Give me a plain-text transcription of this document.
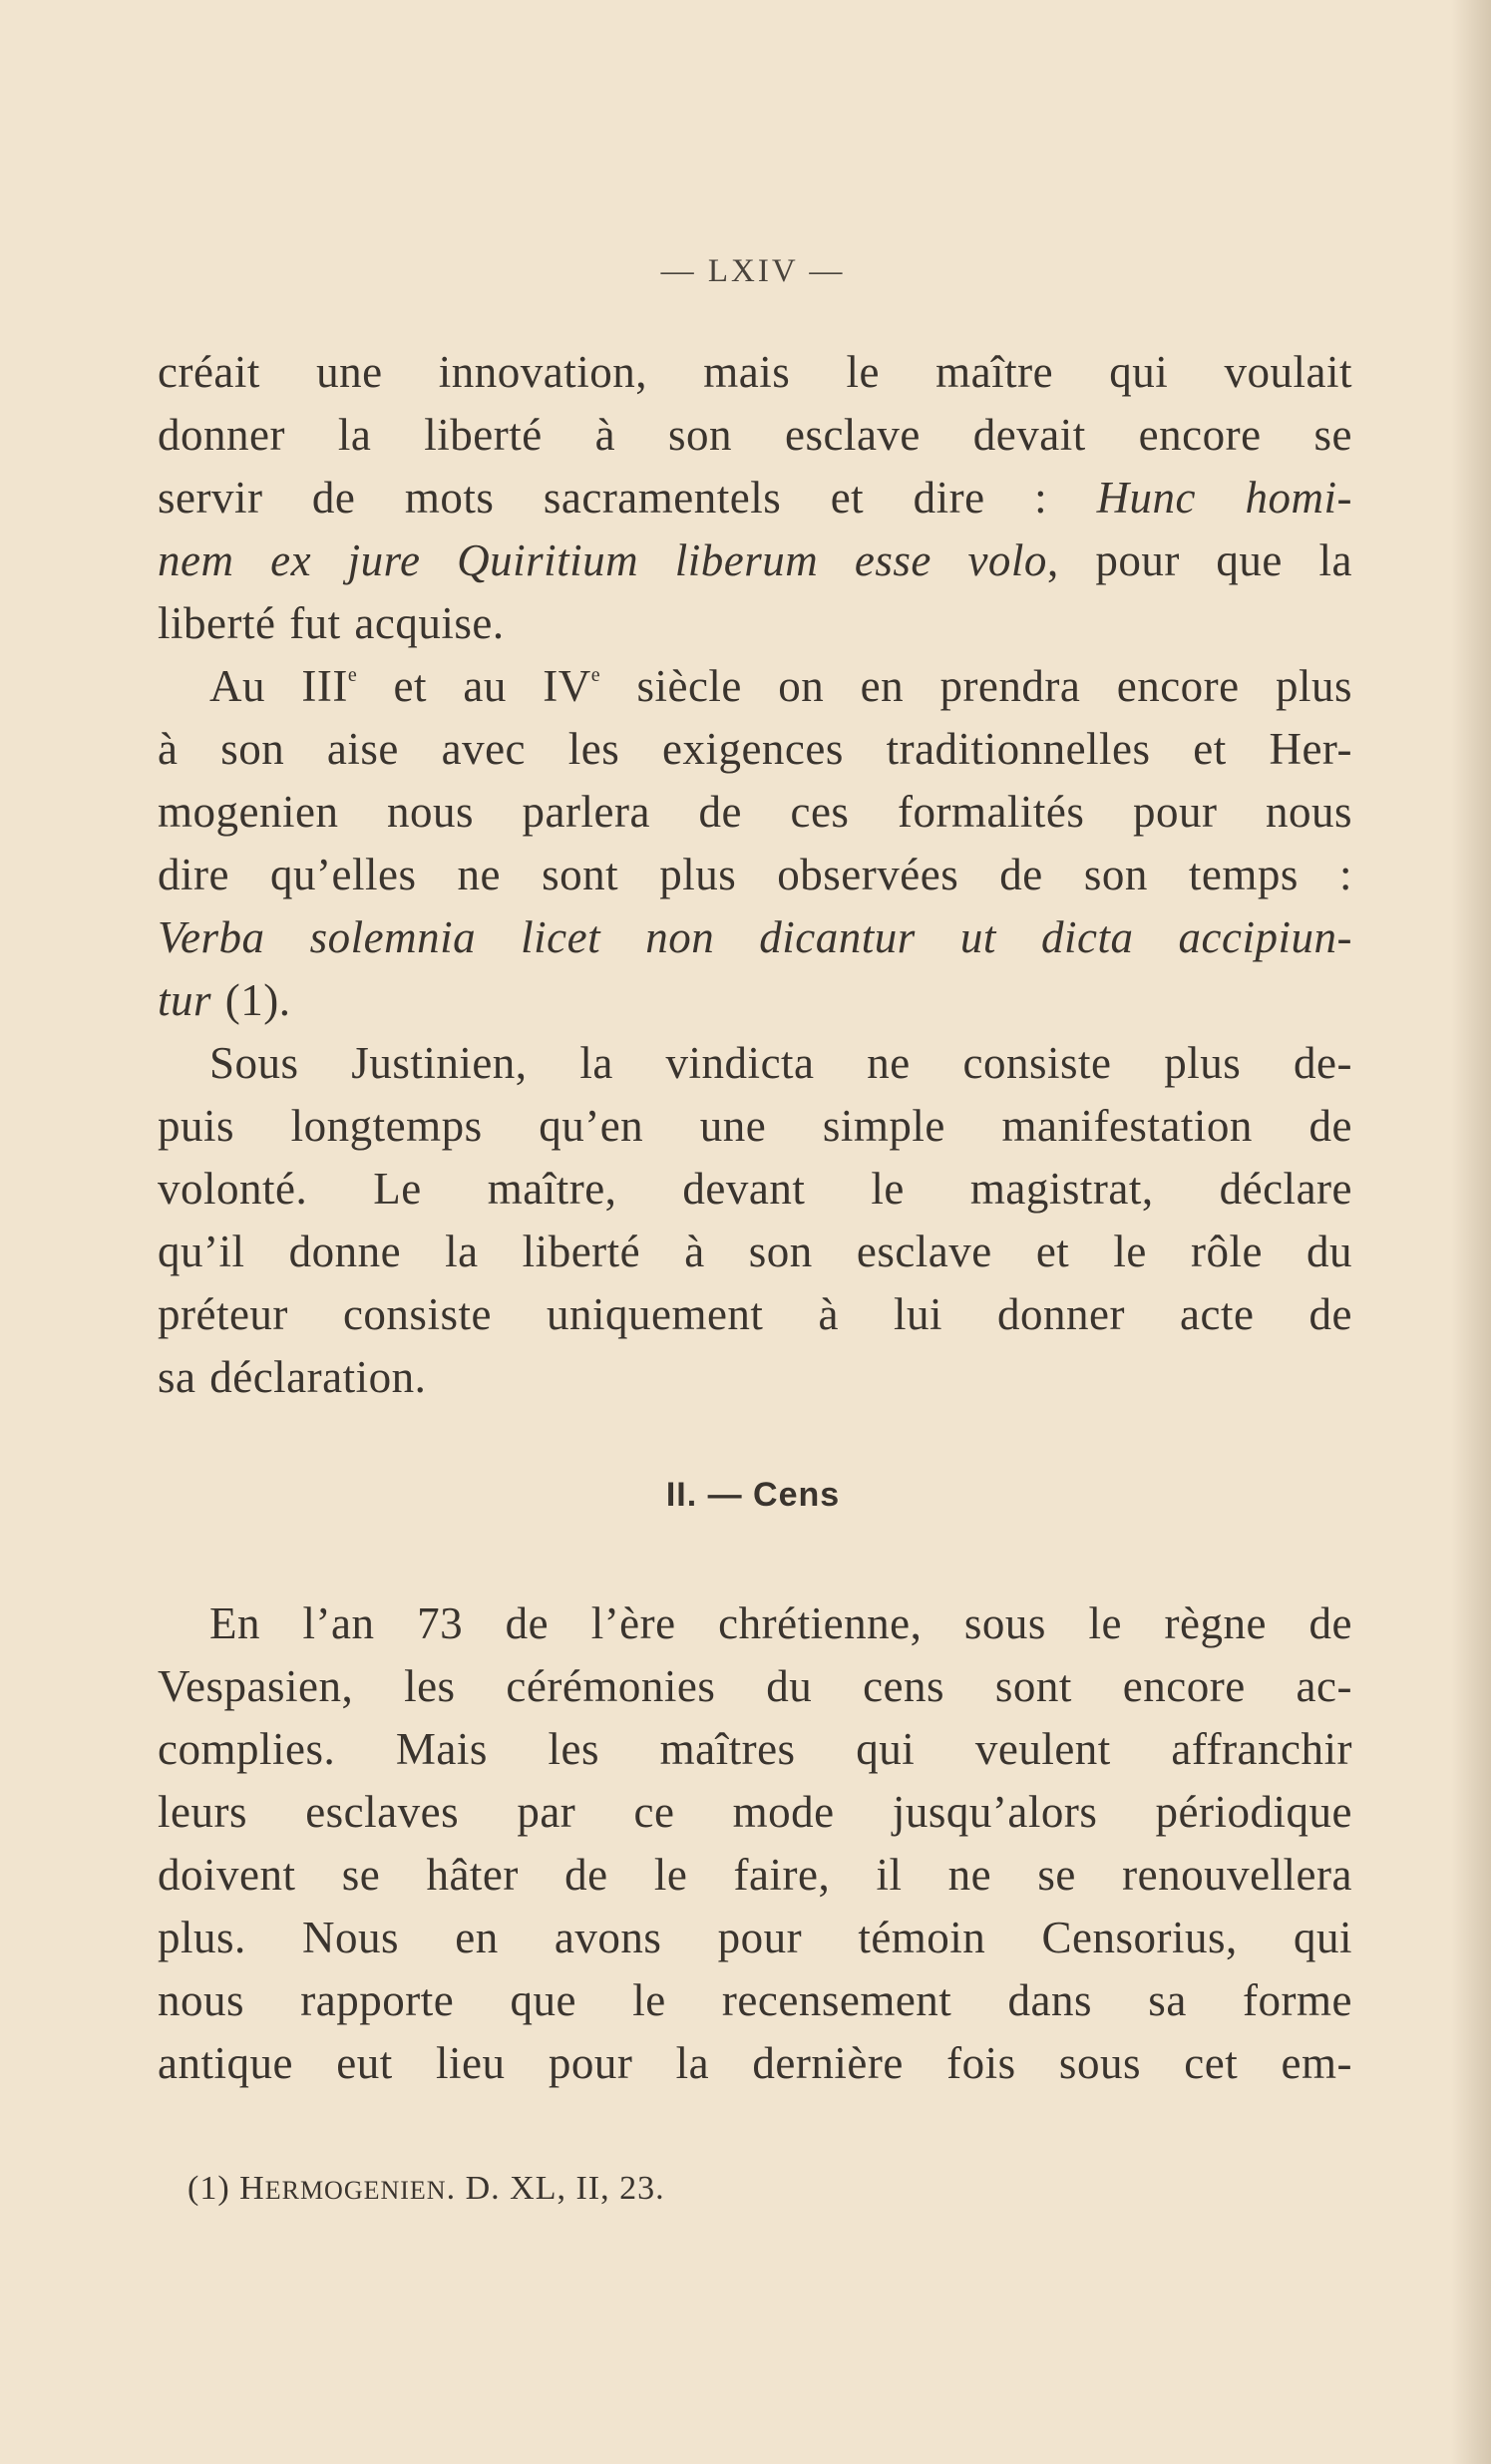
— LXIV —
créait une innovation, mais le maître qui voulait
donner la liberté à son esclave devait encore se
servir de mots sacramentels et dire : Hunc homi-
nem ex jure Quiritium liberum esse volo, pour que la
liberté fut acquise.
Au IIIe et au IVe siècle on en prendra encore plus
à son aise avec les exigences traditionnelles et Her-
mogenien nous parlera de ces formalités pour nous
dire qu’elles ne sont plus observées de son temps :
Verba solemnia licet non dicantur ut dicta accipiun-
tur (1).
Sous Justinien, la vindicta ne consiste plus de-
puis longtemps qu’en une simple manifestation de
volonté. Le maître, devant le magistrat, déclare
qu’il donne la liberté à son esclave et le rôle du
préteur consiste uniquement à lui donner acte de
sa déclaration.
II. — Cens
En l’an 73 de l’ère chrétienne, sous le règne de
Vespasien, les cérémonies du cens sont encore ac-
complies. Mais les maîtres qui veulent affranchir
leurs esclaves par ce mode jusqu’alors périodique
doivent se hâter de le faire, il ne se renouvellera
plus. Nous en avons pour témoin Censorius, qui
nous rapporte que le recensement dans sa forme
antique eut lieu pour la dernière fois sous cet em-
(1) HERMOGENIEN. D. XL, II, 23.
